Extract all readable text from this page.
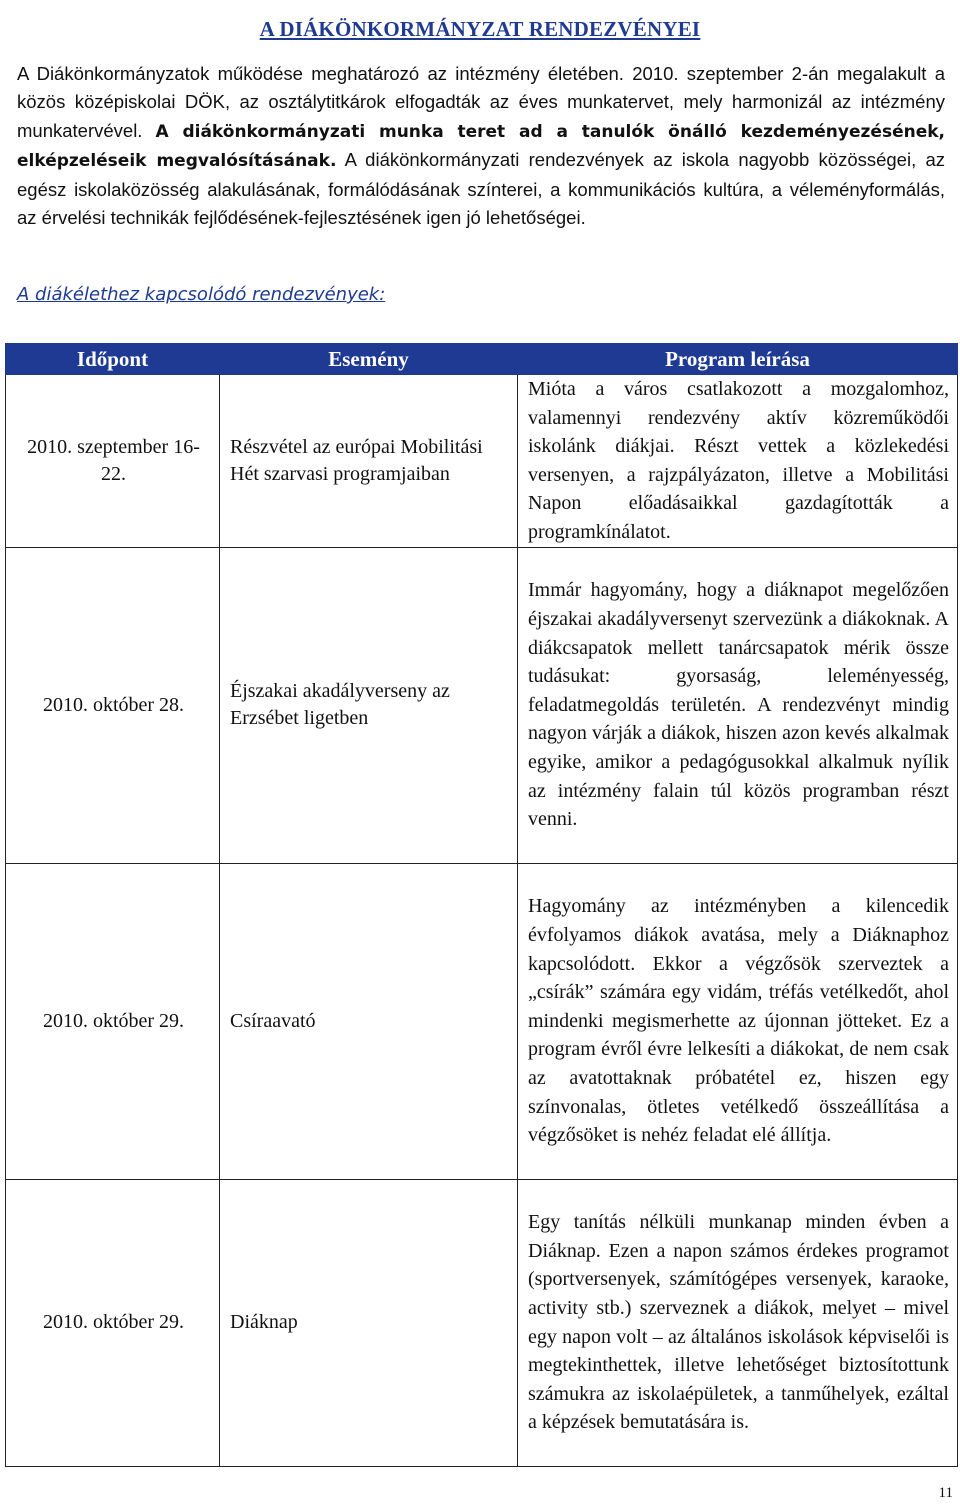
A DIÁKÖNKORMÁNYZAT RENDEZVÉNYEI

A Diákönkormányzatok működése meghatározó az intézmény életében. 2010. szeptember 2-án megalakult a közös középiskolai DÖK, az osztálytitkárok elfogadták az éves munkatervet, mely harmonizál az intézmény munkatervével. A diákönkormányzati munka teret ad a tanulók önálló kezdeményezésének, elképzeléseik megvalósításának. A diákönkormányzati rendezvények az iskola nagyobb közösségei, az egész iskolaközösség alakulásának, formálódásának színterei, a kommunikációs kultúra, a véleményformálás, az érvelési technikák fejlődésének-fejlesztésének igen jó lehetőségei.

A diákélethez kapcsolódó rendezvények:
Időpont	Esemény	Program leírása
2010. szeptember 16-22.	Részvétel az európai Mobilitási Hét szarvasi programjaiban	Mióta a város csatlakozott a mozgalomhoz, valamennyi rendezvény aktív közreműködői iskolánk diákjai. Részt vettek a közlekedési versenyen, a rajzpályázaton, illetve a Mobilitási Napon előadásaikkal gazdagították a programkínálatot.
2010. október 28.	Éjszakai akadályverseny az Erzsébet ligetben	Immár hagyomány, hogy a diáknapot megelőzően éjszakai akadályversenyt szervezünk a diákoknak. A diákcsapatok mellett tanárcsapatok mérik össze tudásukat: gyorsaság, leleményesség, feladatmegoldás területén. A rendezvényt mindig nagyon várják a diákok, hiszen azon kevés alkalmak egyike, amikor a pedagógusokkal alkalmuk nyílik az intézmény falain túl közös programban részt venni.
2010. október 29.	Csíraavató	Hagyomány az intézményben a kilencedik évfolyamos diákok avatása, mely a Diáknaphoz kapcsolódott. Ekkor a végzősök szerveztek a „csírák” számára egy vidám, tréfás vetélkedőt, ahol mindenki megismerhette az újonnan jötteket. Ez a program évről évre lelkesíti a diákokat, de nem csak az avatottaknak próbatétel ez, hiszen egy színvonalas, ötletes vetélkedő összeállítása a végzősöket is nehéz feladat elé állítja.
2010. október 29.	Diáknap	Egy tanítás nélküli munkanap minden évben a Diáknap. Ezen a napon számos érdekes programot (sportversenyek, számítógépes versenyek, karaoke, activity stb.) szerveznek a diákok, melyet – mivel egy napon volt – az általános iskolások képviselői is megtekinthettek, illetve lehetőséget biztosítottunk számukra az iskolaépületek, a tanműhelyek, ezáltal a képzések bemutatására is.
11
